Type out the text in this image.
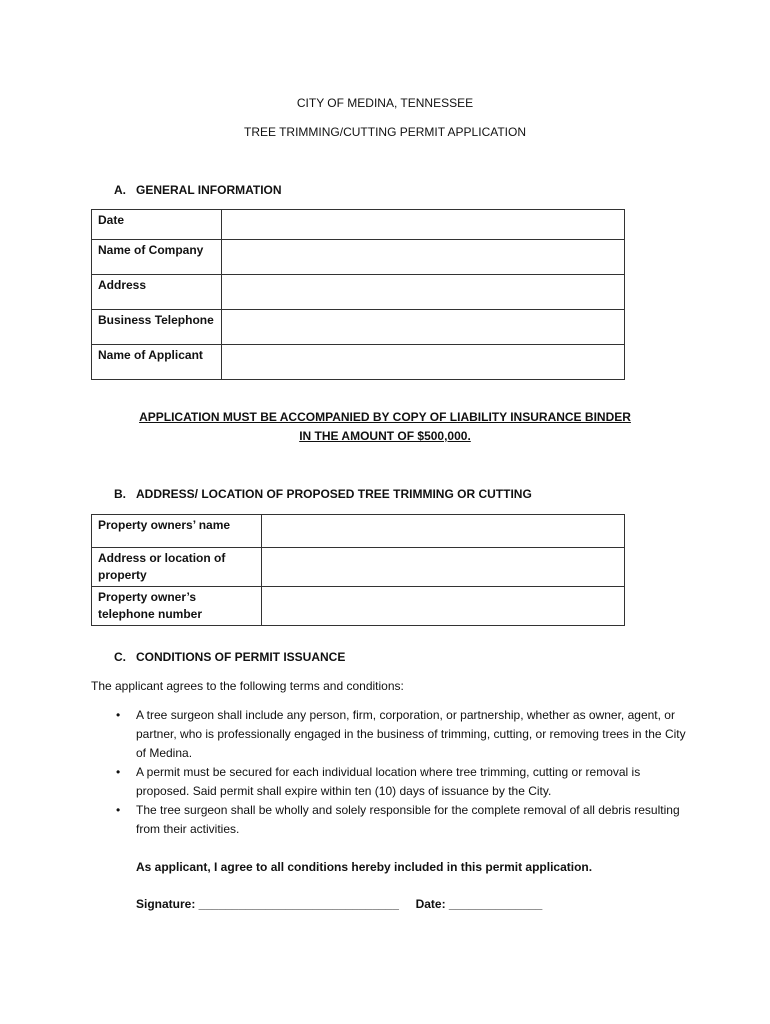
CITY OF MEDINA, TENNESSEE
TREE TRIMMING/CUTTING PERMIT APPLICATION
A. GENERAL INFORMATION
Date	
Name of Company	
Address	
Business Telephone	
Name of Applicant	
APPLICATION MUST BE ACCOMPANIED BY COPY OF LIABILITY INSURANCE BINDER
IN THE AMOUNT OF $500,000.
B. ADDRESS/ LOCATION OF PROPOSED TREE TRIMMING OR CUTTING
Property owners’ name	
Address or location of property	
Property owner’s telephone number	
C. CONDITIONS OF PERMIT ISSUANCE
The applicant agrees to the following terms and conditions:
• A tree surgeon shall include any person, firm, corporation, or partnership, whether as owner, agent, or partner, who is professionally engaged in the business of trimming, cutting, or removing trees in the City of Medina.
• A permit must be secured for each individual location where tree trimming, cutting or removal is proposed. Said permit shall expire within ten (10) days of issuance by the City.
• The tree surgeon shall be wholly and solely responsible for the complete removal of all debris resulting from their activities.
As applicant, I agree to all conditions hereby included in this permit application.
Signature: ______________________________ Date: ______________
